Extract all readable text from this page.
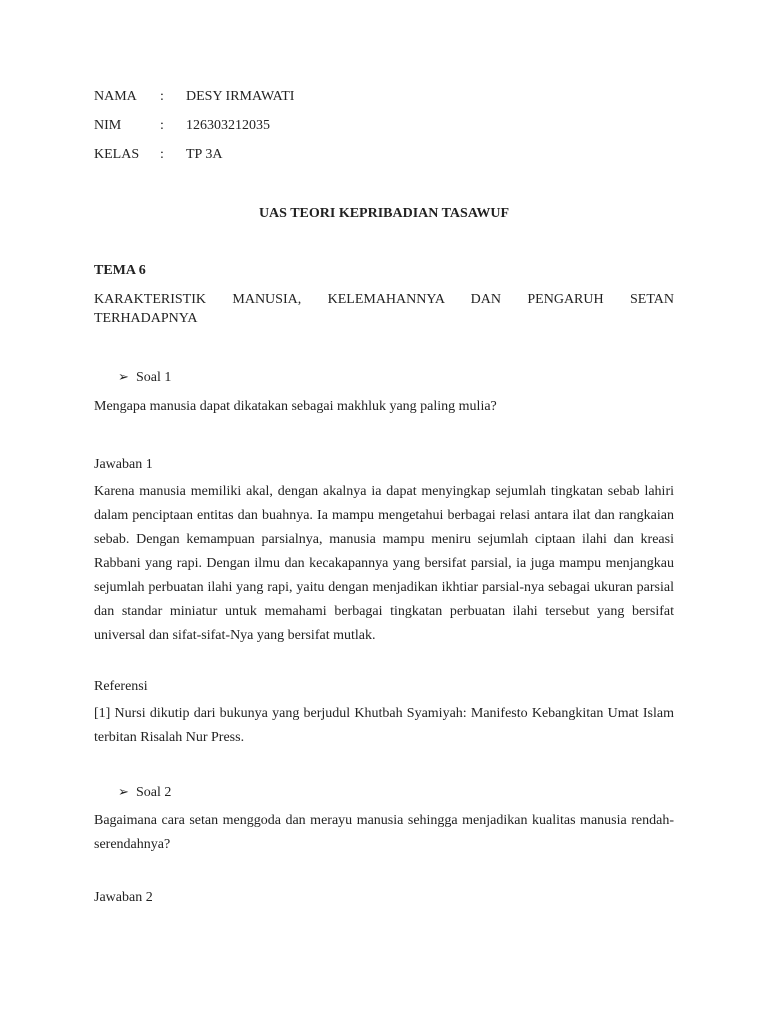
NAMA : DESY IRMAWATI
NIM	: 126303212035
KELAS : TP 3A
UAS TEORI KEPRIBADIAN TASAWUF
TEMA 6
KARAKTERISTIK MANUSIA, KELEMAHANNYA DAN PENGARUH SETAN
TERHADAPNYA
➢ Soal 1
Mengapa manusia dapat dikatakan sebagai makhluk yang paling mulia?
Jawaban 1
Karena manusia memiliki akal, dengan akalnya ia dapat menyingkap sejumlah tingkatan sebab lahiri dalam penciptaan entitas dan buahnya. Ia mampu mengetahui berbagai relasi antara ilat dan rangkaian sebab. Dengan kemampuan parsialnya, manusia mampu meniru sejumlah ciptaan ilahi dan kreasi Rabbani yang rapi. Dengan ilmu dan kecakapannya yang bersifat parsial, ia juga mampu menjangkau sejumlah perbuatan ilahi yang rapi, yaitu dengan menjadikan ikhtiar parsial-nya sebagai ukuran parsial dan standar miniatur untuk memahami berbagai tingkatan perbuatan ilahi tersebut yang bersifat universal dan sifat-sifat-Nya yang bersifat mutlak.
Referensi
[1] Nursi dikutip dari bukunya yang berjudul Khutbah Syamiyah: Manifesto Kebangkitan Umat Islam terbitan Risalah Nur Press.
➢ Soal 2
Bagaimana cara setan menggoda dan merayu manusia sehingga menjadikan kualitas manusia rendah-serendahnya?
Jawaban 2
